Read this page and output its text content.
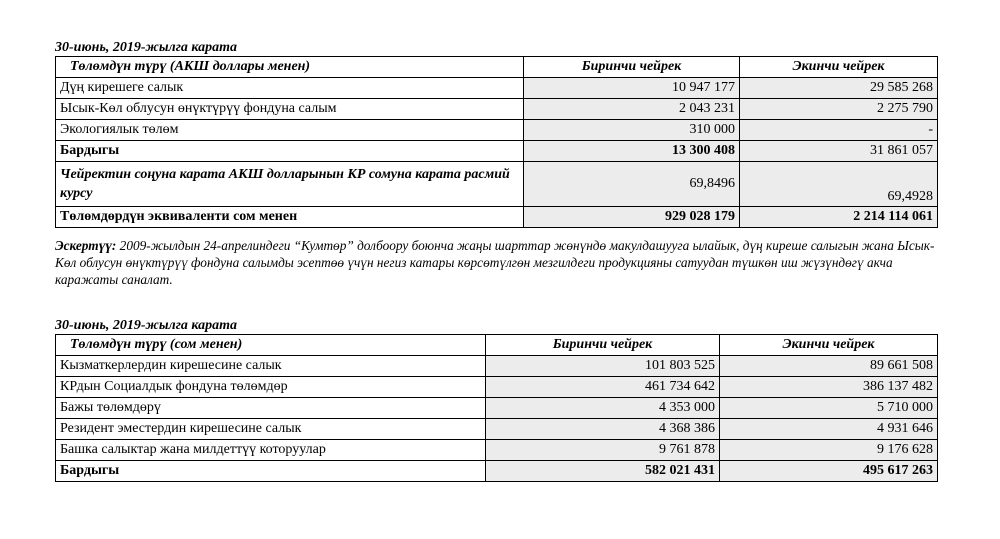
30-июнь, 2019-жылга карата
Төлөмдүн түрү (АКШ доллары менен)	Биринчи чейрек	Экинчи чейрек
Дүң кирешеге салык	10 947 177	29 585 268
Ысык-Көл облусун өнүктүрүү фондуна салым	2 043 231	2 275 790
Экологиялык төлөм	310 000	-
Бардыгы	13 300 408	31 861 057
Чейректин соңуна карата АКШ долларынын КР сомуна карата расмий курсу	69,8496	69,4928
Төлөмдөрдүн эквиваленти сом менен	929 028 179	2 214 114 061
Эскертүү: 2009-жылдын 24-апрелиндеги “Кумтөр” долбоору боюнча жаңы шарттар жөнүндө макулдашууга ылайык, дүң киреше салыгын жана Ысык-Көл облусун өнүктүрүү фондуна салымды эсептөө үчүн негиз катары көрсөтүлгөн мезгилдеги продукцияны сатуудан түшкөн иш жүзүндөгү акча каражаты саналат.
30-июнь, 2019-жылга карата
Төлөмдүн түрү (сом менен)	Биринчи чейрек	Экинчи чейрек
Кызматкерлердин кирешесине салык	101 803 525	89 661 508
КРдын Социалдык фондуна төлөмдөр	461 734 642	386 137 482
Бажы төлөмдөрү	4 353 000	5 710 000
Резидент эместердин кирешесине салык	4 368 386	4 931 646
Башка салыктар жана милдеттүү которуулар	9 761 878	9 176 628
Бардыгы	582 021 431	495 617 263
